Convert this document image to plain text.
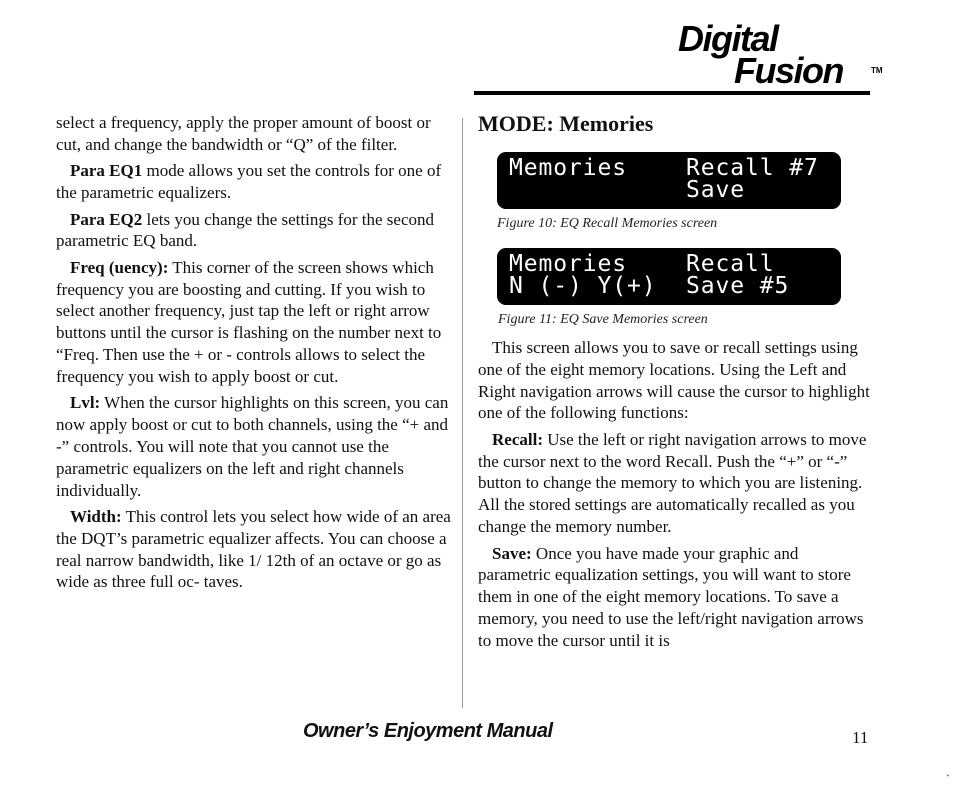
Digital
Fusion	TM

select a frequency, apply the proper amount of boost or cut, and change the bandwidth or “Q” of the filter.

Para EQ1 mode allows you set the controls for one of the parametric equalizers.

Para EQ2 lets you change the settings for the second parametric EQ band.

Freq (uency): This corner of the screen shows which frequency you are boosting and cutting. If you wish to select another frequency, just tap the left or right arrow buttons until the cursor is flashing on the number next to “Freq. Then use the + or - controls allows to select the frequency you wish to apply boost or cut.

Lvl: When the cursor highlights on this screen, you can now apply boost or cut to both channels, using the “+ and -” controls. You will note that you cannot use the parametric equalizers on the left and right channels individually.

Width: This control lets you select how wide of an area the DQT’s parametric equalizer affects. You can choose a real narrow bandwidth, like 1/ 12th of an octave or go as wide as three full oc- taves.

MODE: Memories
Memories    Recall #7
Save
Figure 10: EQ Recall Memories screen
Memories    Recall
N (-) Y(+)  Save #5
Figure 11: EQ Save Memories screen

This screen allows you to save or recall settings using one of the eight memory locations. Using the Left and Right navigation arrows will cause the cursor to highlight one of the following functions:

Recall: Use the left or right navigation arrows to move the cursor next to the word Recall. Push the “+” or “-” button to change the memory to which you are listening. All the stored settings are automatically recalled as you change the memory number.

Save: Once you have made your graphic and parametric equalization settings, you will want to store them in one of the eight memory locations. To save a memory, you need to use the left/right navigation arrows to move the cursor until it is

Owner’s Enjoyment Manual	11
`
